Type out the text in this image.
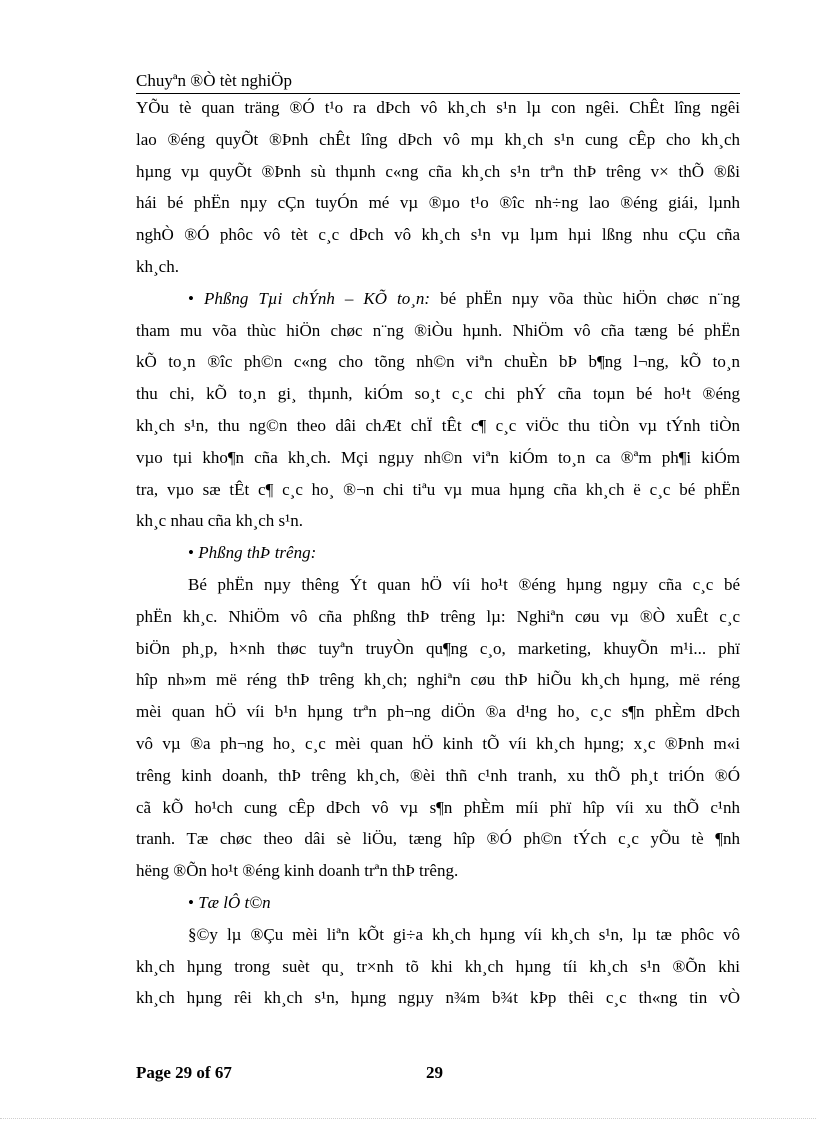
Chuyªn ®Ò tèt nghiÖp
YÕu tè quan träng ®Ó t¹o ra dÞch vô kh¸ch s¹n lµ con ngêi. ChÊt lîng ngêi
lao ®éng quyÕt ®Þnh chÊt lîng dÞch vô mµ kh¸ch s¹n cung cÊp cho kh¸ch
hµng vµ quyÕt ®Þnh sù thµnh c«ng cña kh¸ch s¹n trªn thÞ trêng v× thÕ ®ßi
hái bé phËn nµy cÇn tuyÓn mé vµ ®µo t¹o ®îc nh÷ng lao ®éng giái, lµnh
nghÒ ®Ó phôc vô tèt c¸c dÞch vô kh¸ch s¹n vµ lµm hµi lßng nhu cÇu cña
kh¸ch.
• Phßng Tµi chÝnh – KÕ to¸n: bé phËn nµy võa thùc hiÖn chøc n¨ng
tham mu võa thùc hiÖn chøc n¨ng ®iÒu hµnh. NhiÖm vô cña tæng bé phËn
kÕ to¸n ®îc ph©n c«ng cho tõng nh©n viªn chuÈn bÞ b¶ng l¬ng, kÕ to¸n
thu chi, kÕ to¸n gi¸ thµnh, kiÓm so¸t c¸c chi phÝ cña toµn bé ho¹t ®éng
kh¸ch s¹n, thu ng©n theo dâi chÆt chÏ tÊt c¶ c¸c viÖc thu tiÒn vµ tÝnh tiÒn
vµo tµi kho¶n cña kh¸ch. Mçi ngµy nh©n viªn kiÓm to¸n ca ®ªm ph¶i kiÓm
tra, vµo sæ tÊt c¶ c¸c ho¸ ®¬n chi tiªu vµ mua hµng cña kh¸ch ë c¸c bé phËn
kh¸c nhau cña kh¸ch s¹n.
• Phßng thÞ trêng:
Bé phËn nµy thêng Ýt quan hÖ víi ho¹t ®éng hµng ngµy cña c¸c bé
phËn kh¸c. NhiÖm vô cña phßng thÞ trêng lµ: Nghiªn cøu vµ ®Ò xuÊt c¸c
biÖn ph¸p, h×nh thøc tuyªn truyÒn qu¶ng c¸o, marketing, khuyÕn m¹i... phï
hîp nh»m më réng thÞ trêng kh¸ch; nghiªn cøu thÞ hiÕu kh¸ch hµng, më réng
mèi quan hÖ víi b¹n hµng trªn ph¬ng diÖn ®a d¹ng ho¸ c¸c s¶n phÈm dÞch
vô vµ ®a ph¬ng ho¸ c¸c mèi quan hÖ kinh tÕ víi kh¸ch hµng; x¸c ®Þnh m«i
trêng kinh doanh, thÞ trêng kh¸ch, ®èi thñ c¹nh tranh, xu thÕ ph¸t triÓn ®Ó
cã kÕ ho¹ch cung cÊp dÞch vô vµ s¶n phÈm míi phï hîp víi xu thÕ c¹nh
tranh. Tæ chøc theo dâi sè liÖu, tæng hîp ®Ó ph©n tÝch c¸c yÕu tè ¶nh
hëng ®Õn ho¹t ®éng kinh doanh trªn thÞ trêng.
• Tæ lÔ t©n
§©y lµ ®Çu mèi liªn kÕt gi÷a kh¸ch hµng víi kh¸ch s¹n, lµ tæ phôc vô
kh¸ch hµng trong suèt qu¸ tr×nh tõ khi kh¸ch hµng tíi kh¸ch s¹n ®Õn khi
kh¸ch hµng rêi kh¸ch s¹n, hµng ngµy n¾m b¾t kÞp thêi c¸c th«ng tin vÒ
Page 29 of 67	29
